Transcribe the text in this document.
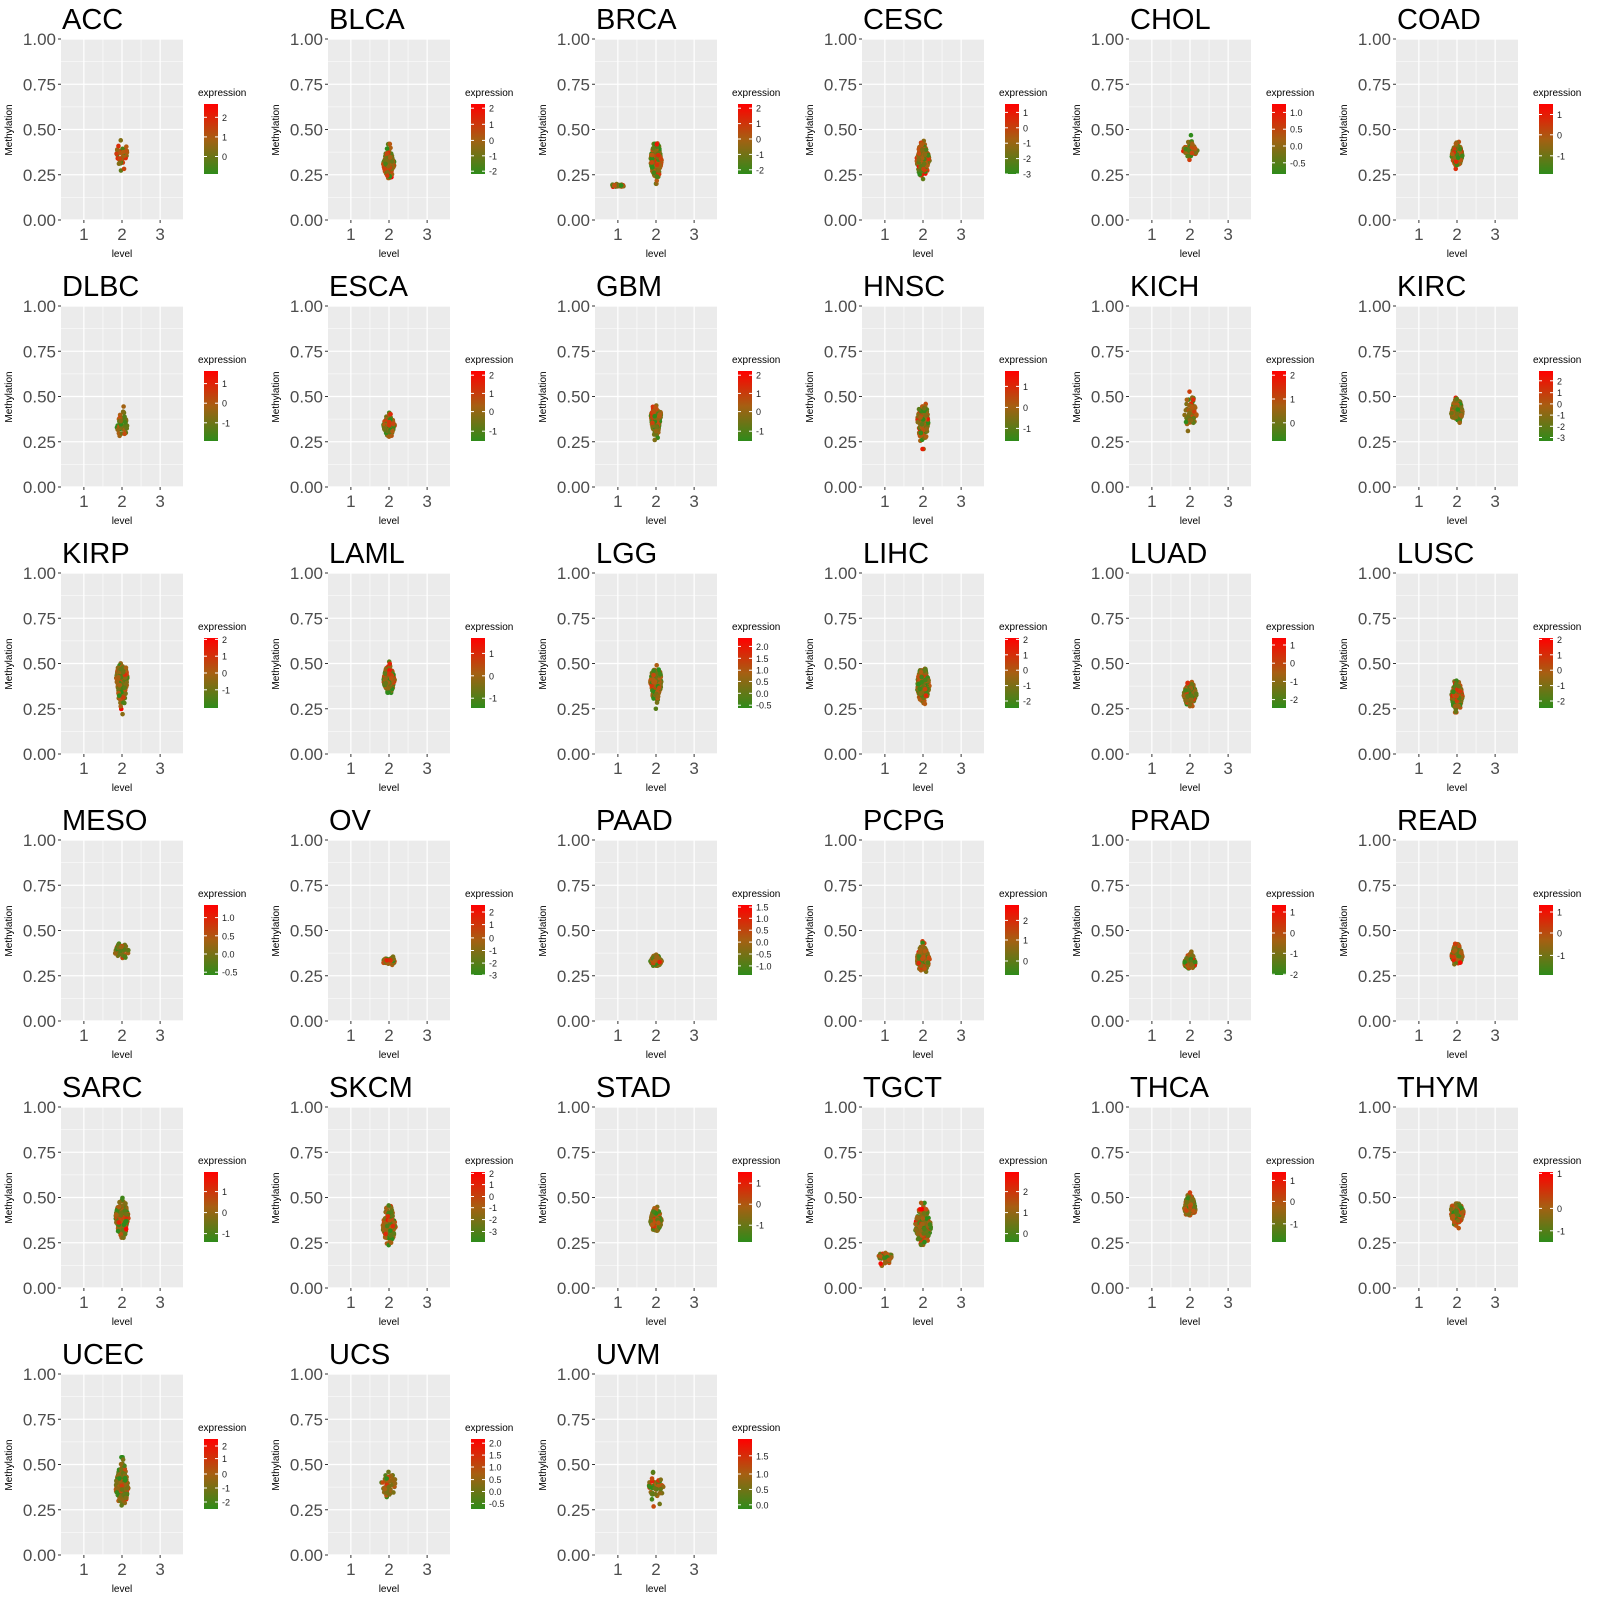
ACC
0.00
0.25
0.50
0.75
1.00
1 2 3
level
Methylation
expression
2
1
0
BLCA
0.00
0.25
0.50
0.75
1.00
1 2 3
level
Methylation
expression
2
1
0
-1
-2
BRCA
0.00
0.25
0.50
0.75
1.00
1 2 3
level
Methylation
expression
2
1
0
-1
-2
CESC
0.00
0.25
0.50
0.75
1.00
1 2 3
level
Methylation
expression
1
0
-1
-2
-3
CHOL
0.00
0.25
0.50
0.75
1.00
1 2 3
level
Methylation
expression
1.0
0.5
0.0
-0.5
COAD
0.00
0.25
0.50
0.75
1.00
1 2 3
level
Methylation
expression
1
0
-1
DLBC
0.00
0.25
0.50
0.75
1.00
1 2 3
level
Methylation
expression
1
0
-1
ESCA
0.00
0.25
0.50
0.75
1.00
1 2 3
level
Methylation
expression
2
1
0
-1
GBM
0.00
0.25
0.50
0.75
1.00
1 2 3
level
Methylation
expression
2
1
0
-1
HNSC
0.00
0.25
0.50
0.75
1.00
1 2 3
level
Methylation
expression
1
0
-1
KICH
0.00
0.25
0.50
0.75
1.00
1 2 3
level
Methylation
expression
2
1
0
KIRC
0.00
0.25
0.50
0.75
1.00
1 2 3
level
Methylation
expression
2
1
0
-1
-2
-3
KIRP
0.00
0.25
0.50
0.75
1.00
1 2 3
level
Methylation
expression
2
1
0
-1
LAML
0.00
0.25
0.50
0.75
1.00
1 2 3
level
Methylation
expression
1
0
-1
LGG
0.00
0.25
0.50
0.75
1.00
1 2 3
level
Methylation
expression
2.0
1.5
1.0
0.5
0.0
-0.5
LIHC
0.00
0.25
0.50
0.75
1.00
1 2 3
level
Methylation
expression
2
1
0
-1
-2
LUAD
0.00
0.25
0.50
0.75
1.00
1 2 3
level
Methylation
expression
1
0
-1
-2
LUSC
0.00
0.25
0.50
0.75
1.00
1 2 3
level
Methylation
expression
2
1
0
-1
-2
MESO
0.00
0.25
0.50
0.75
1.00
1 2 3
level
Methylation
expression
1.0
0.5
0.0
-0.5
OV
0.00
0.25
0.50
0.75
1.00
1 2 3
level
Methylation
expression
2
1
0
-1
-2
-3
PAAD
0.00
0.25
0.50
0.75
1.00
1 2 3
level
Methylation
expression
1.5
1.0
0.5
0.0
-0.5
-1.0
PCPG
0.00
0.25
0.50
0.75
1.00
1 2 3
level
Methylation
expression
2
1
0
PRAD
0.00
0.25
0.50
0.75
1.00
1 2 3
level
Methylation
expression
1
0
-1
-2
READ
0.00
0.25
0.50
0.75
1.00
1 2 3
level
Methylation
expression
1
0
-1
SARC
0.00
0.25
0.50
0.75
1.00
1 2 3
level
Methylation
expression
1
0
-1
SKCM
0.00
0.25
0.50
0.75
1.00
1 2 3
level
Methylation
expression
2
1
0
-1
-2
-3
STAD
0.00
0.25
0.50
0.75
1.00
1 2 3
level
Methylation
expression
1
0
-1
TGCT
0.00
0.25
0.50
0.75
1.00
1 2 3
level
Methylation
expression
2
1
0
THCA
0.00
0.25
0.50
0.75
1.00
1 2 3
level
Methylation
expression
1
0
-1
THYM
0.00
0.25
0.50
0.75
1.00
1 2 3
level
Methylation
expression
1
0
-1
UCEC
0.00
0.25
0.50
0.75
1.00
1 2 3
level
Methylation
expression
2
1
0
-1
-2
UCS
0.00
0.25
0.50
0.75
1.00
1 2 3
level
Methylation
expression
2.0
1.5
1.0
0.5
0.0
-0.5
UVM
0.00
0.25
0.50
0.75
1.00
1 2 3
level
Methylation
expression
1.5
1.0
0.5
0.0
